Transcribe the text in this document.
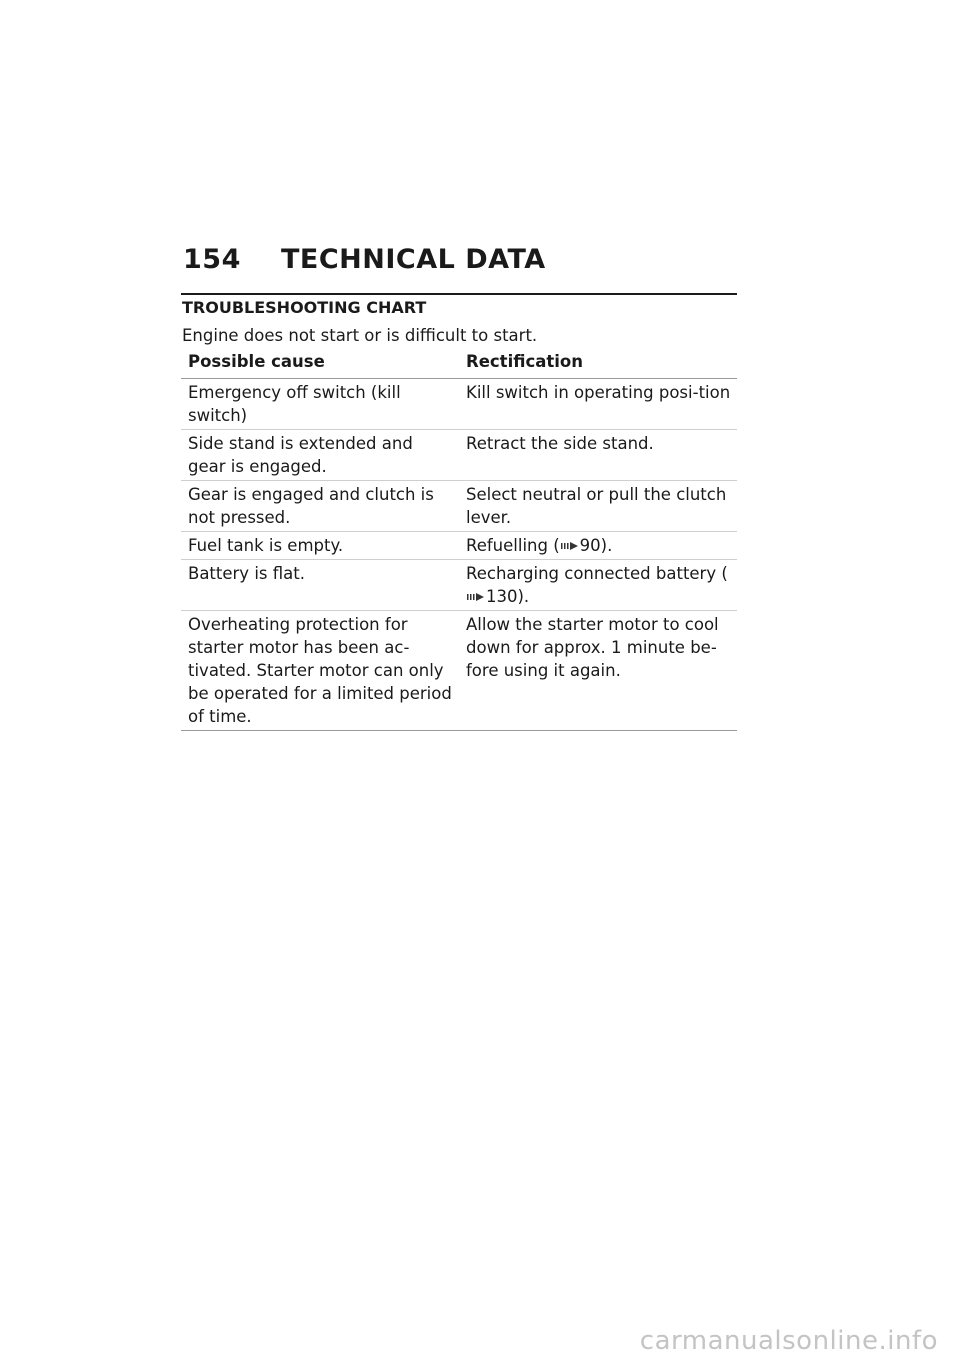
154 TECHNICAL DATA
TROUBLESHOOTING CHART
Engine does not start or is difficult to start.
Possible cause	Rectification
Emergency off switch (kill switch)	Kill switch in operating posi-tion
Side stand is extended and gear is engaged.	Retract the side stand.
Gear is engaged and clutch is not pressed.	Select neutral or pull the clutch lever.
Fuel tank is empty.	Refuelling ( 90).
Battery is flat.	Recharging connected battery (130).
Overheating protection for starter motor has been ac-tivated. Starter motor can only be operated for a limited period of time.	Allow the starter motor to cool down for approx. 1 minute be-fore using it again.
carmanualsonline.info
